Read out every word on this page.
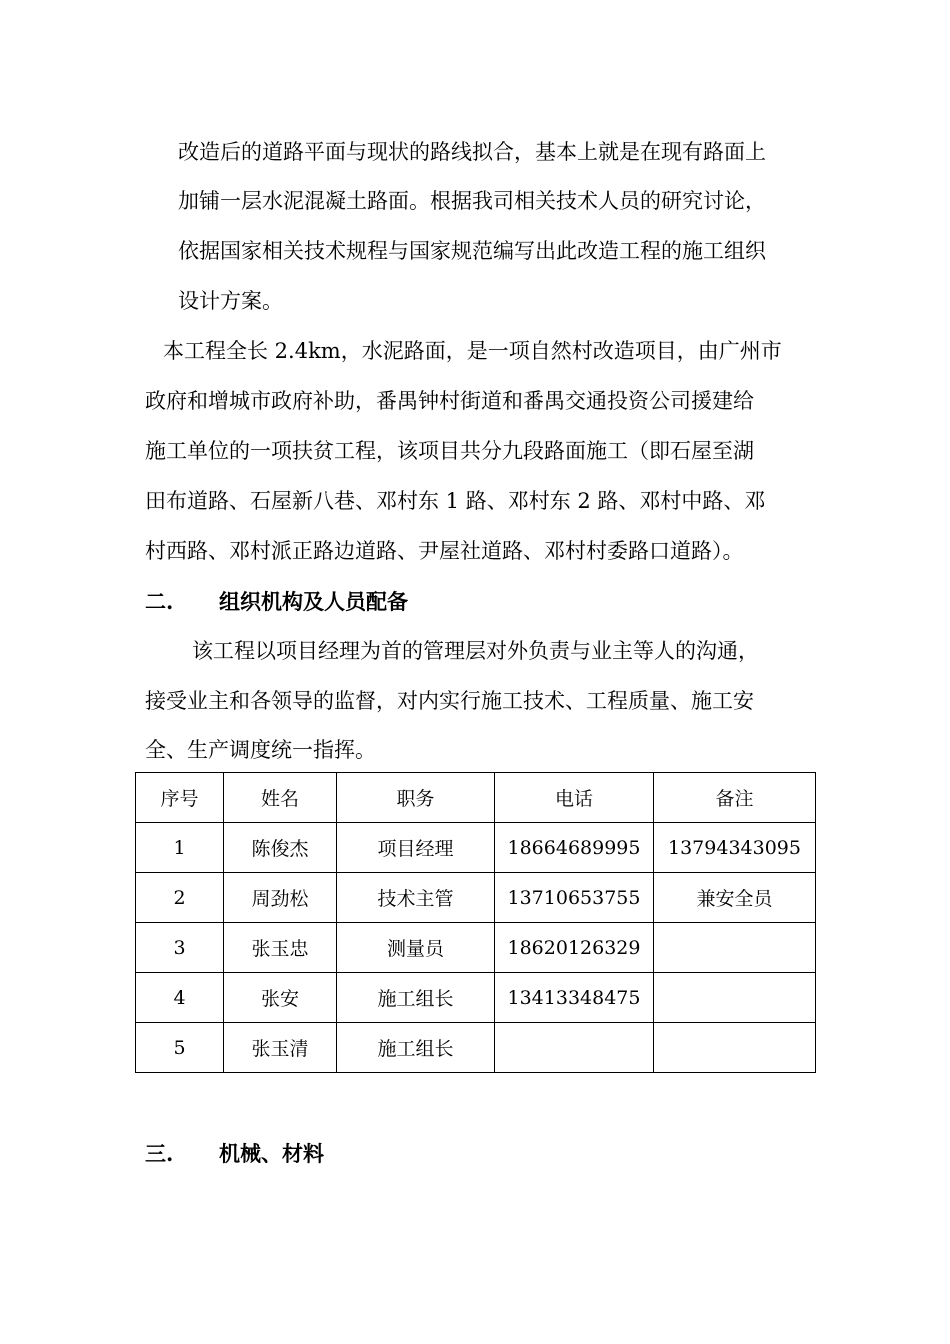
改造后的道路平面与现状的路线拟合，基本上就是在现有路面上
加铺一层水泥混凝土路面。根据我司相关技术人员的研究讨论，
依据国家相关技术规程与国家规范编写出此改造工程的施工组织
设计方案。
本工程全长 2.4km，水泥路面，是一项自然村改造项目，由广州市
政府和增城市政府补助，番禺钟村街道和番禺交通投资公司援建给
施工单位的一项扶贫工程，该项目共分九段路面施工（即石屋至湖
田布道路、石屋新八巷、邓村东 1 路、邓村东 2 路、邓村中路、邓
村西路、邓村派正路边道路、尹屋社道路、邓村村委路口道路）。
二. 组织机构及人员配备
该工程以项目经理为首的管理层对外负责与业主等人的沟通，
接受业主和各领导的监督，对内实行施工技术、工程质量、施工安
全、生产调度统一指挥。
序号	姓名	职务	电话	备注
1	陈俊杰	项目经理	18664689995	13794343095
2	周劲松	技术主管	13710653755	兼安全员
3	张玉忠	测量员	18620126329	
4	张安	施工组长	13413348475	
5	张玉清	施工组长		
三. 机械、材料
